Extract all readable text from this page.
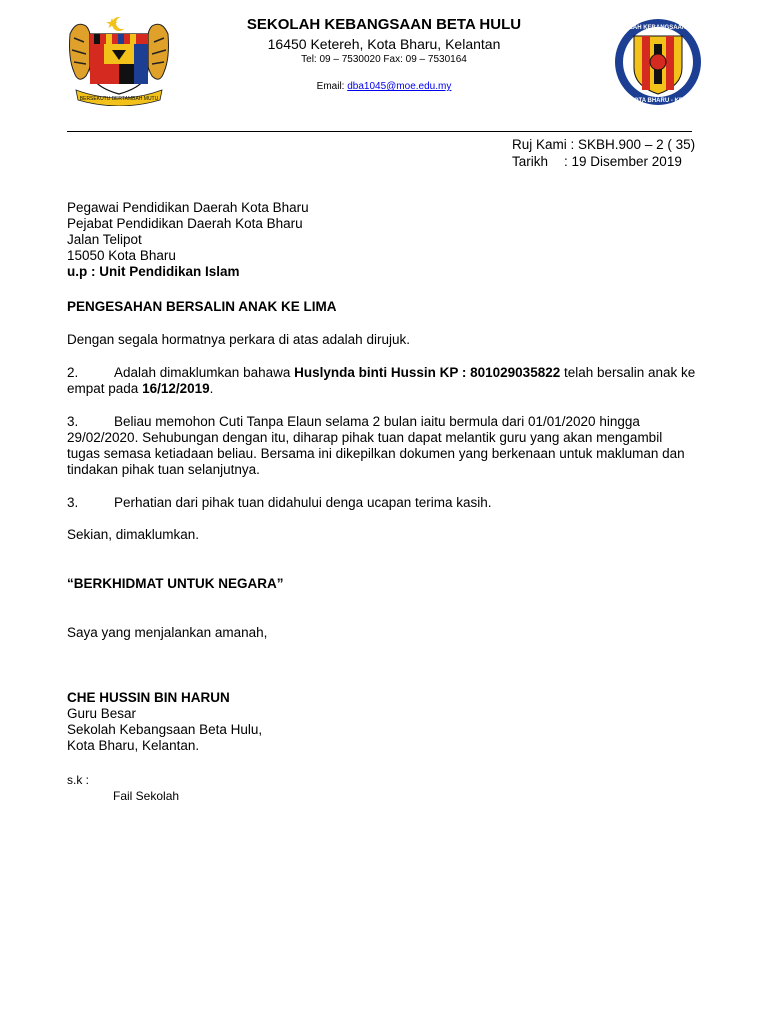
BERSEKUTU BERTAMBAH MUTU
SEKOLAH KEBANGSAAN BETA
KOTA BHARU - KEL
SEKOLAH KEBANGSAAN BETA HULU
16450 Ketereh, Kota Bharu, Kelantan
Tel: 09 – 7530020 Fax: 09 – 7530164
Email: dba1045@moe.edu.my
Ruj Kami : SKBH.900 – 2 ( 35)
Tarikh	: 19 Disember 2019

Pegawai Pendidikan Daerah Kota Bharu

Pejabat Pendidikan Daerah Kota Bharu

Jalan Telipot

15050 Kota Bharu

u.p : Unit Pendidikan Islam

PENGESAHAN BERSALIN ANAK KE LIMA
Dengan segala hormatnya perkara di atas adalah dirujuk.
2.	Adalah dimaklumkan bahawa Huslynda binti Hussin KP : 801029035822 telah bersalin anak ke empat pada 16/12/2019.
3.	Beliau memohon Cuti Tanpa Elaun selama 2 bulan iaitu bermula dari 01/01/2020 hingga 29/02/2020. Sehubungan dengan itu, diharap pihak tuan dapat melantik guru yang akan mengambil tugas semasa ketiadaan beliau. Bersama ini dikepilkan dokumen yang berkenaan untuk makluman dan tindakan pihak tuan selanjutnya.
3.	Perhatian dari pihak tuan didahului denga ucapan terima kasih.
Sekian, dimaklumkan.
“BERKHIDMAT UNTUK NEGARA”
Saya yang menjalankan amanah,

CHE HUSSIN BIN HARUN

Guru Besar

Sekolah Kebangsaan Beta Hulu,

Kota Bharu, Kelantan.

s.k :

Fail Sekolah
